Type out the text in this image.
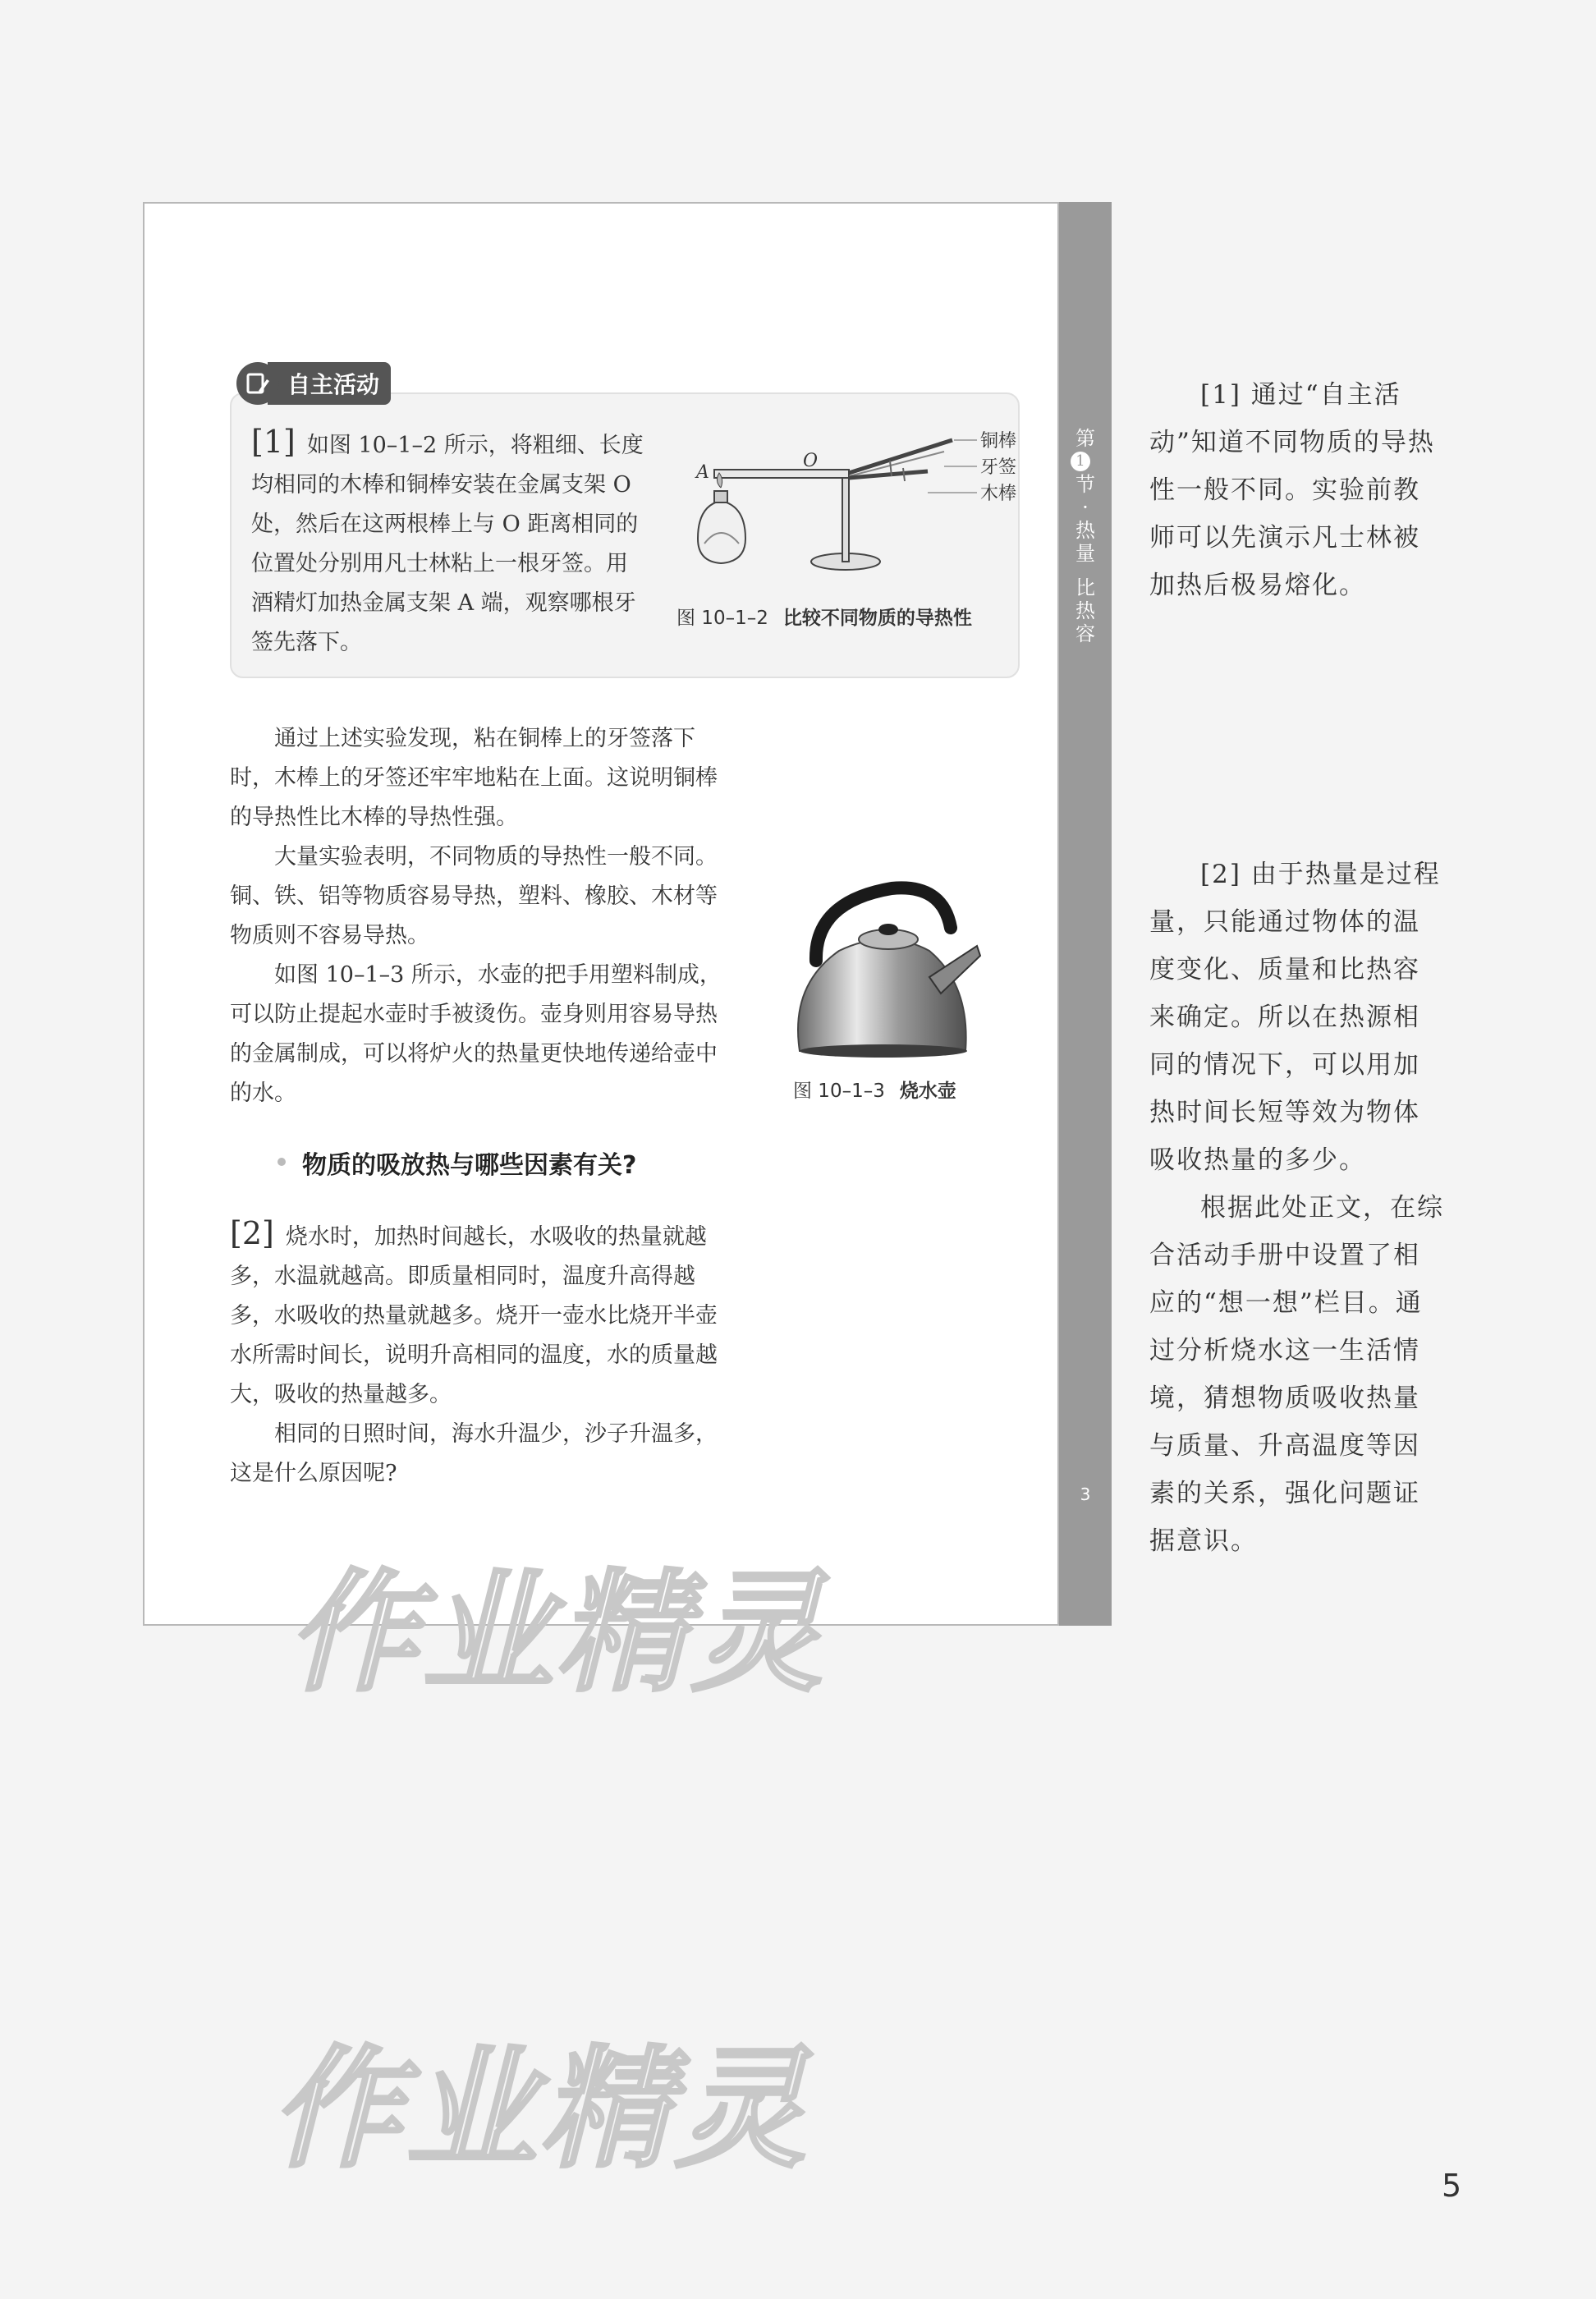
第
1
节
·
热
量
比
热
容
3
自主活动
[1] 如图 10–1–2 所示，将粗细、长度均相同的木棒和铜棒安装在金属支架 O 处，然后在这两根棒上与 O 距离相同的位置处分别用凡士林粘上一根牙签。用酒精灯加热金属支架 A 端，观察哪根牙签先落下。
A
O
铜棒
牙签
木棒
图 10–1–2 比较不同物质的导热性

通过上述实验发现，粘在铜棒上的牙签落下时，木棒上的牙签还牢牢地粘在上面。这说明铜棒的导热性比木棒的导热性强。

大量实验表明，不同物质的导热性一般不同。铜、铁、铝等物质容易导热，塑料、橡胶、木材等物质则不容易导热。

如图 10–1–3 所示，水壶的把手用塑料制成，可以防止提起水壶时手被烫伤。壶身则用容易导热的金属制成，可以将炉火的热量更快地传递给壶中的水。	图 10–1–3 烧水壶
物质的吸放热与哪些因素有关?

[2] 烧水时，加热时间越长，水吸收的热量就越多，水温就越高。即质量相同时，温度升高得越多，水吸收的热量就越多。烧开一壶水比烧开半壶水所需时间长，说明升高相同的温度，水的质量越大，吸收的热量越多。

相同的日照时间，海水升温少，沙子升温多，这是什么原因呢?

[1] 通过“自主活动”知道不同物质的导热性一般不同。实验前教师可以先演示凡士林被加热后极易熔化。

[2] 由于热量是过程量，只能通过物体的温度变化、质量和比热容来确定。所以在热源相同的情况下，可以用加热时间长短等效为物体吸收热量的多少。

根据此处正文，在综合活动手册中设置了相应的“想一想”栏目。通过分析烧水这一生活情境，猜想物质吸收热量与质量、升高温度等因素的关系，强化问题证据意识。

作业精灵
作业精灵	5
